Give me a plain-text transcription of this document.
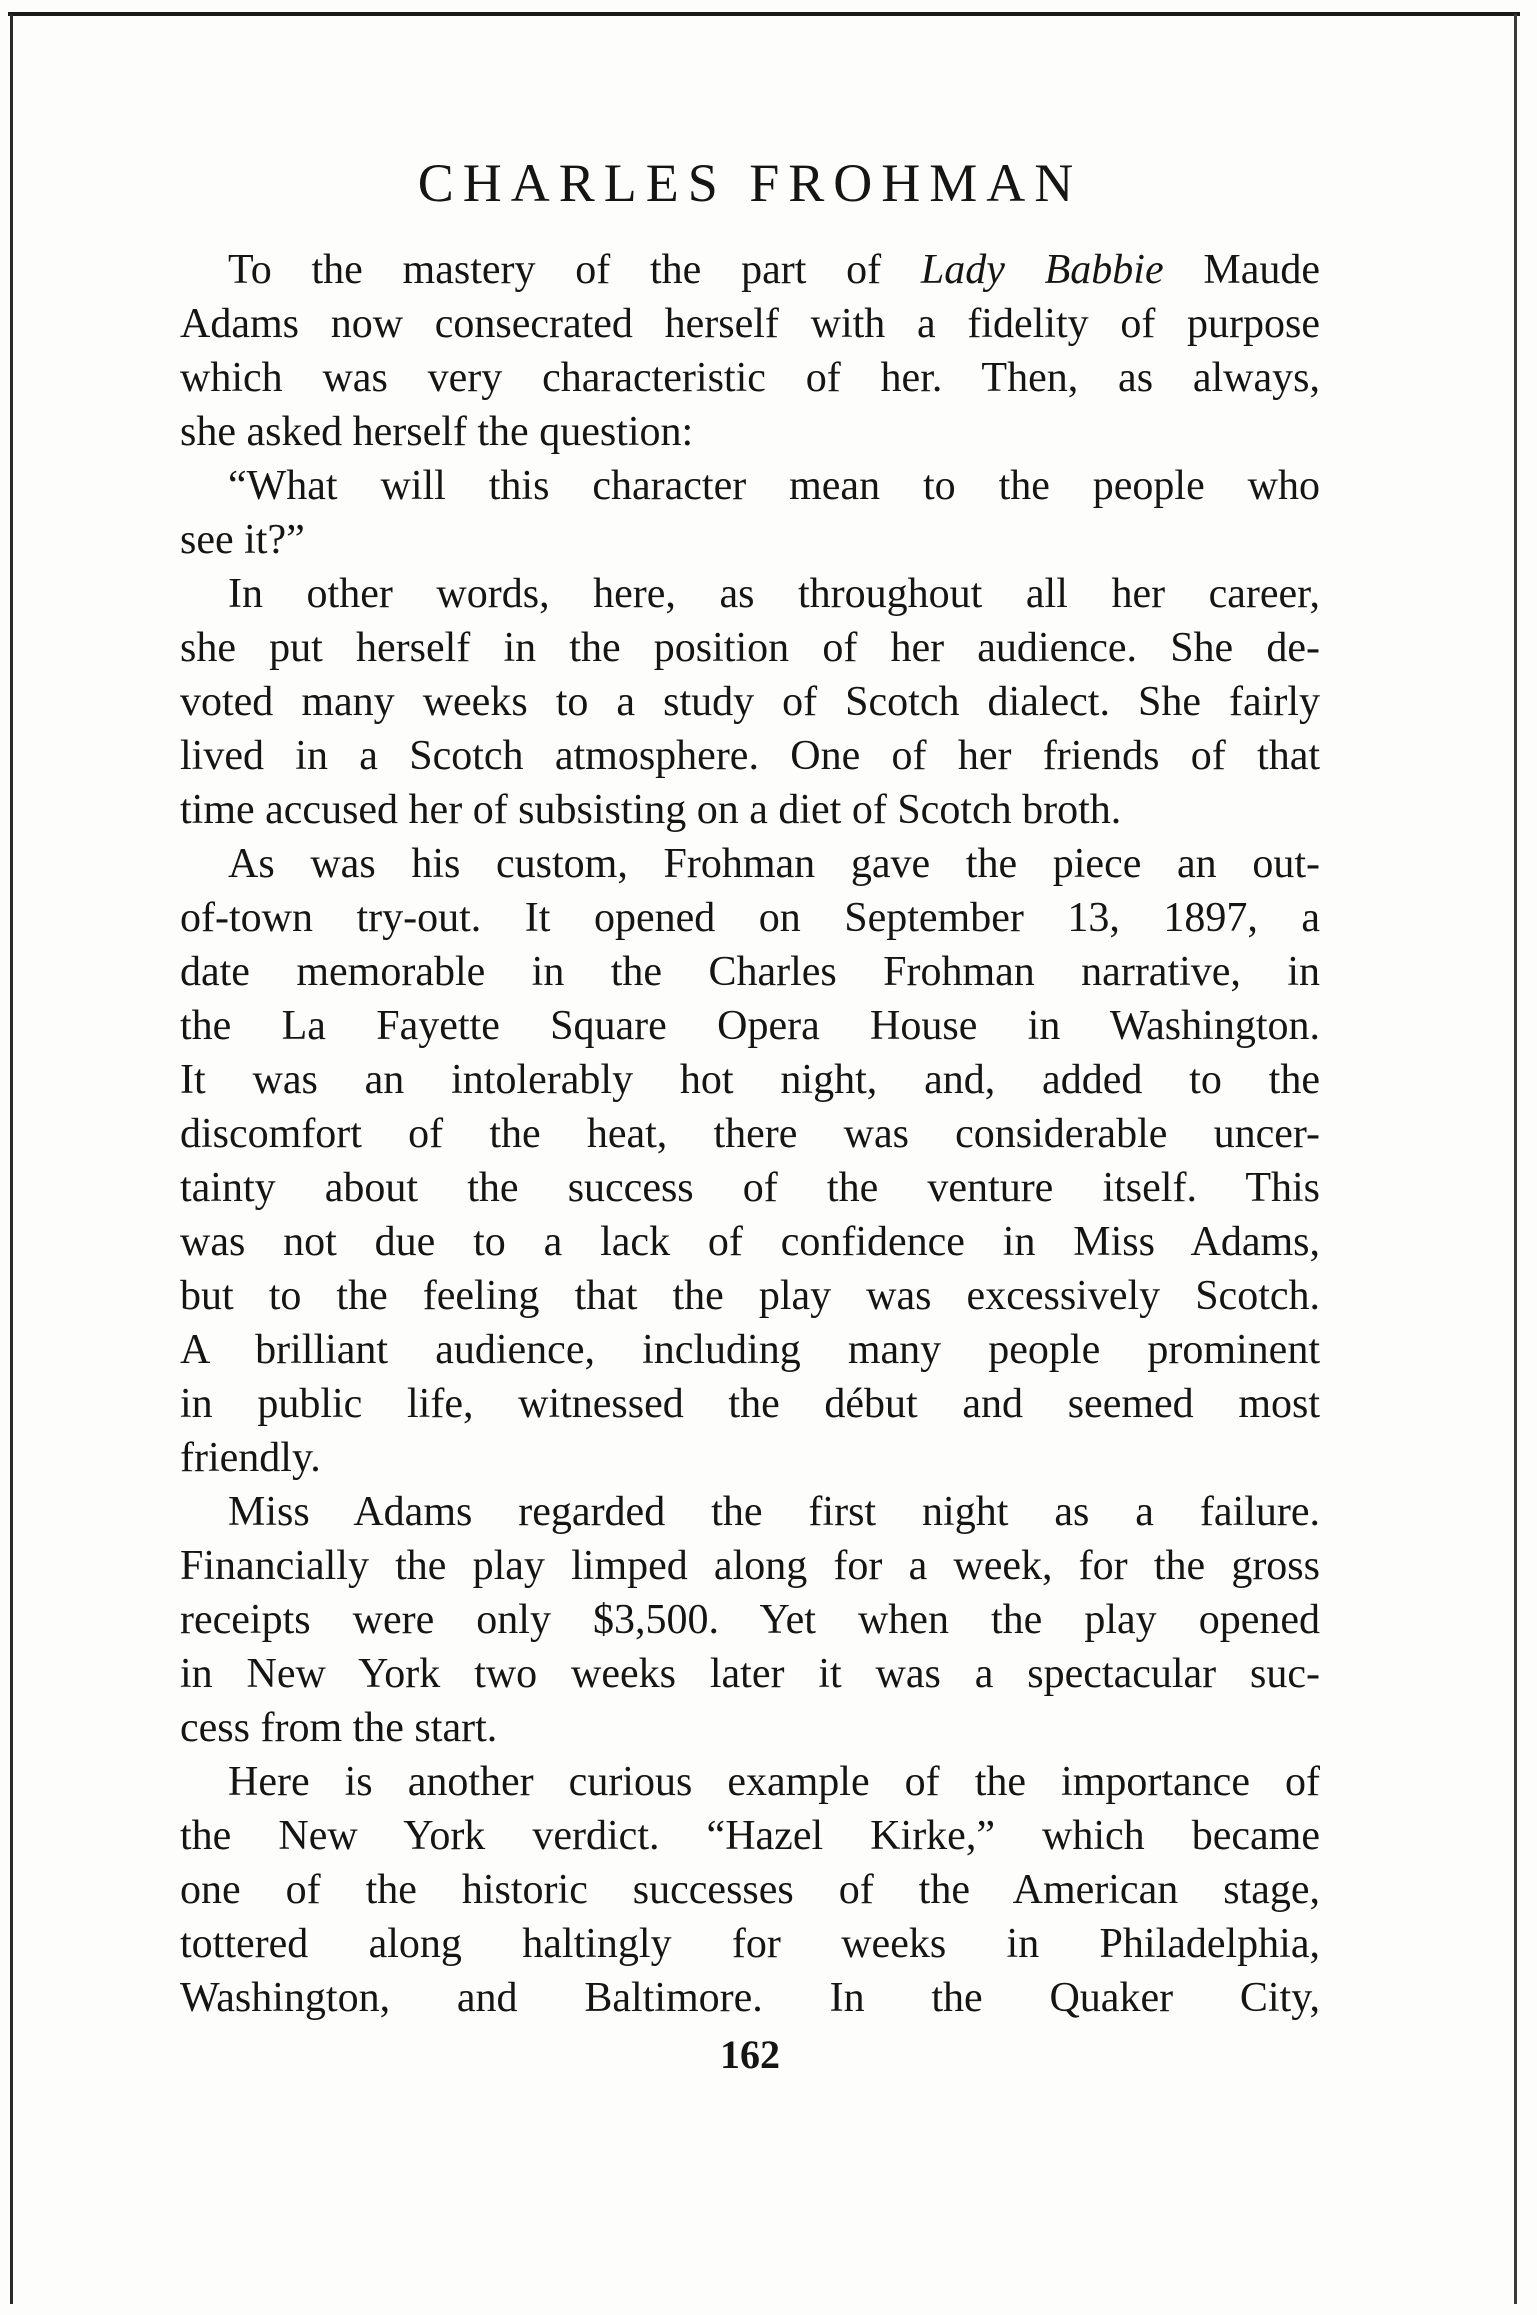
CHARLES FROHMAN
To the mastery of the part of Lady Babbie Maude
Adams now consecrated herself with a fidelity of purpose
which was very characteristic of her. Then, as always,
she asked herself the question:
“What will this character mean to the people who
see it?”
In other words, here, as throughout all her career,
she put herself in the position of her audience. She de-
voted many weeks to a study of Scotch dialect. She fairly
lived in a Scotch atmosphere. One of her friends of that
time accused her of subsisting on a diet of Scotch broth.
As was his custom, Frohman gave the piece an out-
of-town try-out. It opened on September 13, 1897, a
date memorable in the Charles Frohman narrative, in
the La Fayette Square Opera House in Washington.
It was an intolerably hot night, and, added to the
discomfort of the heat, there was considerable uncer-
tainty about the success of the venture itself. This
was not due to a lack of confidence in Miss Adams,
but to the feeling that the play was excessively Scotch.
A brilliant audience, including many people prominent
in public life, witnessed the début and seemed most
friendly.
Miss Adams regarded the first night as a failure.
Financially the play limped along for a week, for the gross
receipts were only $3,500. Yet when the play opened
in New York two weeks later it was a spectacular suc-
cess from the start.
Here is another curious example of the importance of
the New York verdict. “Hazel Kirke,” which became
one of the historic successes of the American stage,
tottered along haltingly for weeks in Philadelphia,
Washington, and Baltimore. In the Quaker City,
162
